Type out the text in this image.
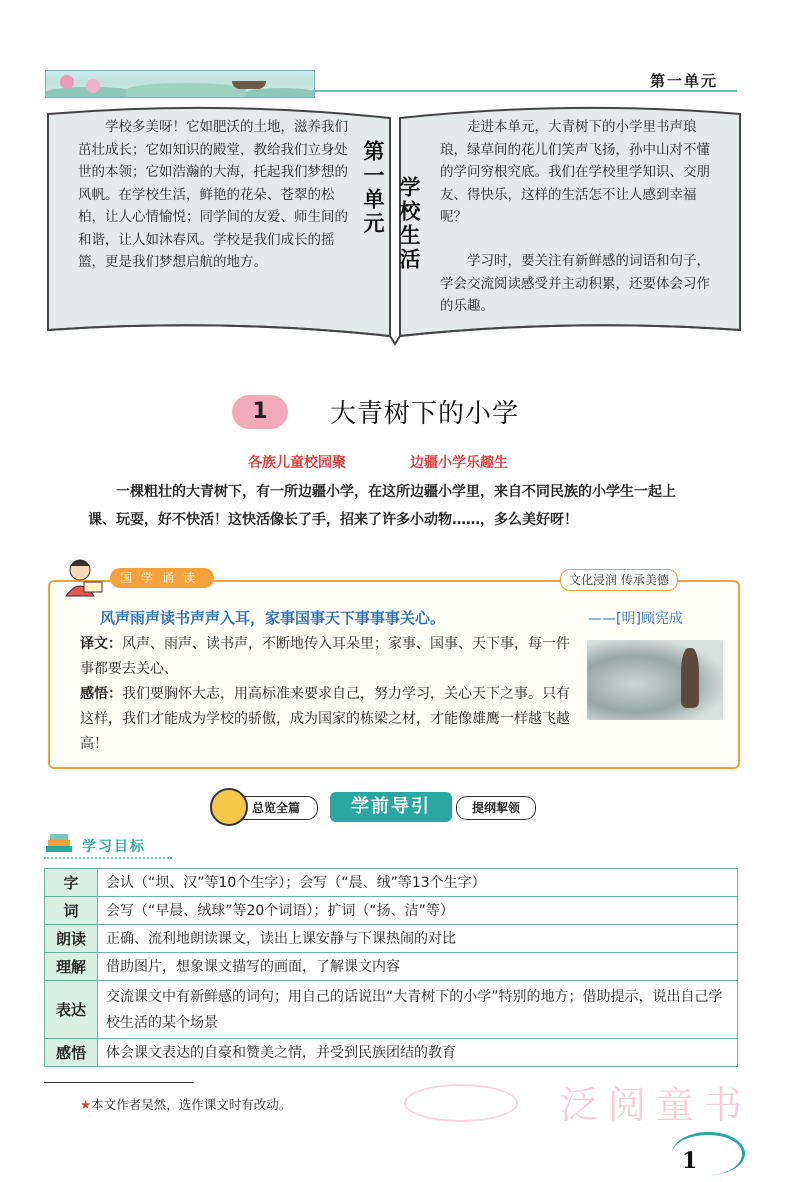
第一单元
学校多美呀！它如肥沃的土地，滋养我们茁壮成长；它如知识的殿堂，教给我们立身处世的本领；它如浩瀚的大海，托起我们梦想的风帆。在学校生活，鲜艳的花朵、苍翠的松柏，让人心情愉悦；同学间的友爱、师生间的和谐，让人如沐春风。学校是我们成长的摇篮，更是我们梦想启航的地方。
第一单元 学校生活
走进本单元，大青树下的小学里书声琅琅，绿草间的花儿们笑声飞扬，孙中山对不懂的学问穷根究底。我们在学校里学知识、交朋友、得快乐，这样的生活怎不让人感到幸福呢？
学习时，要关注有新鲜感的词语和句子，学会交流阅读感受并主动积累，还要体会习作的乐趣。
1	大青树下的小学
各族儿童校园聚	边疆小学乐趣生
一棵粗壮的大青树下，有一所边疆小学，在这所边疆小学里，来自不同民族的小学生一起上课、玩耍，好不快活！这快活像长了手，招来了许多小动物……，多么美好呀！
国学诵读	文化浸润 传承美德
风声雨声读书声声入耳，家事国事天下事事事关心。	——[明]顾宪成
译文：风声、雨声、读书声，不断地传入耳朵里；家事、国事、天下事，每一件事都要去关心、
感悟：我们要胸怀大志，用高标准来要求自己，努力学习，关心天下之事。只有这样，我们才能成为学校的骄傲，成为国家的栋梁之材，才能像雄鹰一样越飞越高！
总览全篇	学前导引	提纲挈领
学习目标
字	会认（“坝、汉”等10个生字）；会写（“晨、绒”等13个生字）
词	会写（“早晨、绒球”等20个词语）；扩词（“扬、洁”等）
朗读	正确、流利地朗读课文，读出上课安静与下课热闹的对比
理解	借助图片，想象课文描写的画面，了解课文内容
表达	交流课文中有新鲜感的词句；用自己的话说出“大青树下的小学”特别的地方；借助提示，说出自己学校生活的某个场景
感悟	体会课文表达的自豪和赞美之情，并受到民族团结的教育
★本文作者吴然，选作课文时有改动。	泛阅童书
1
